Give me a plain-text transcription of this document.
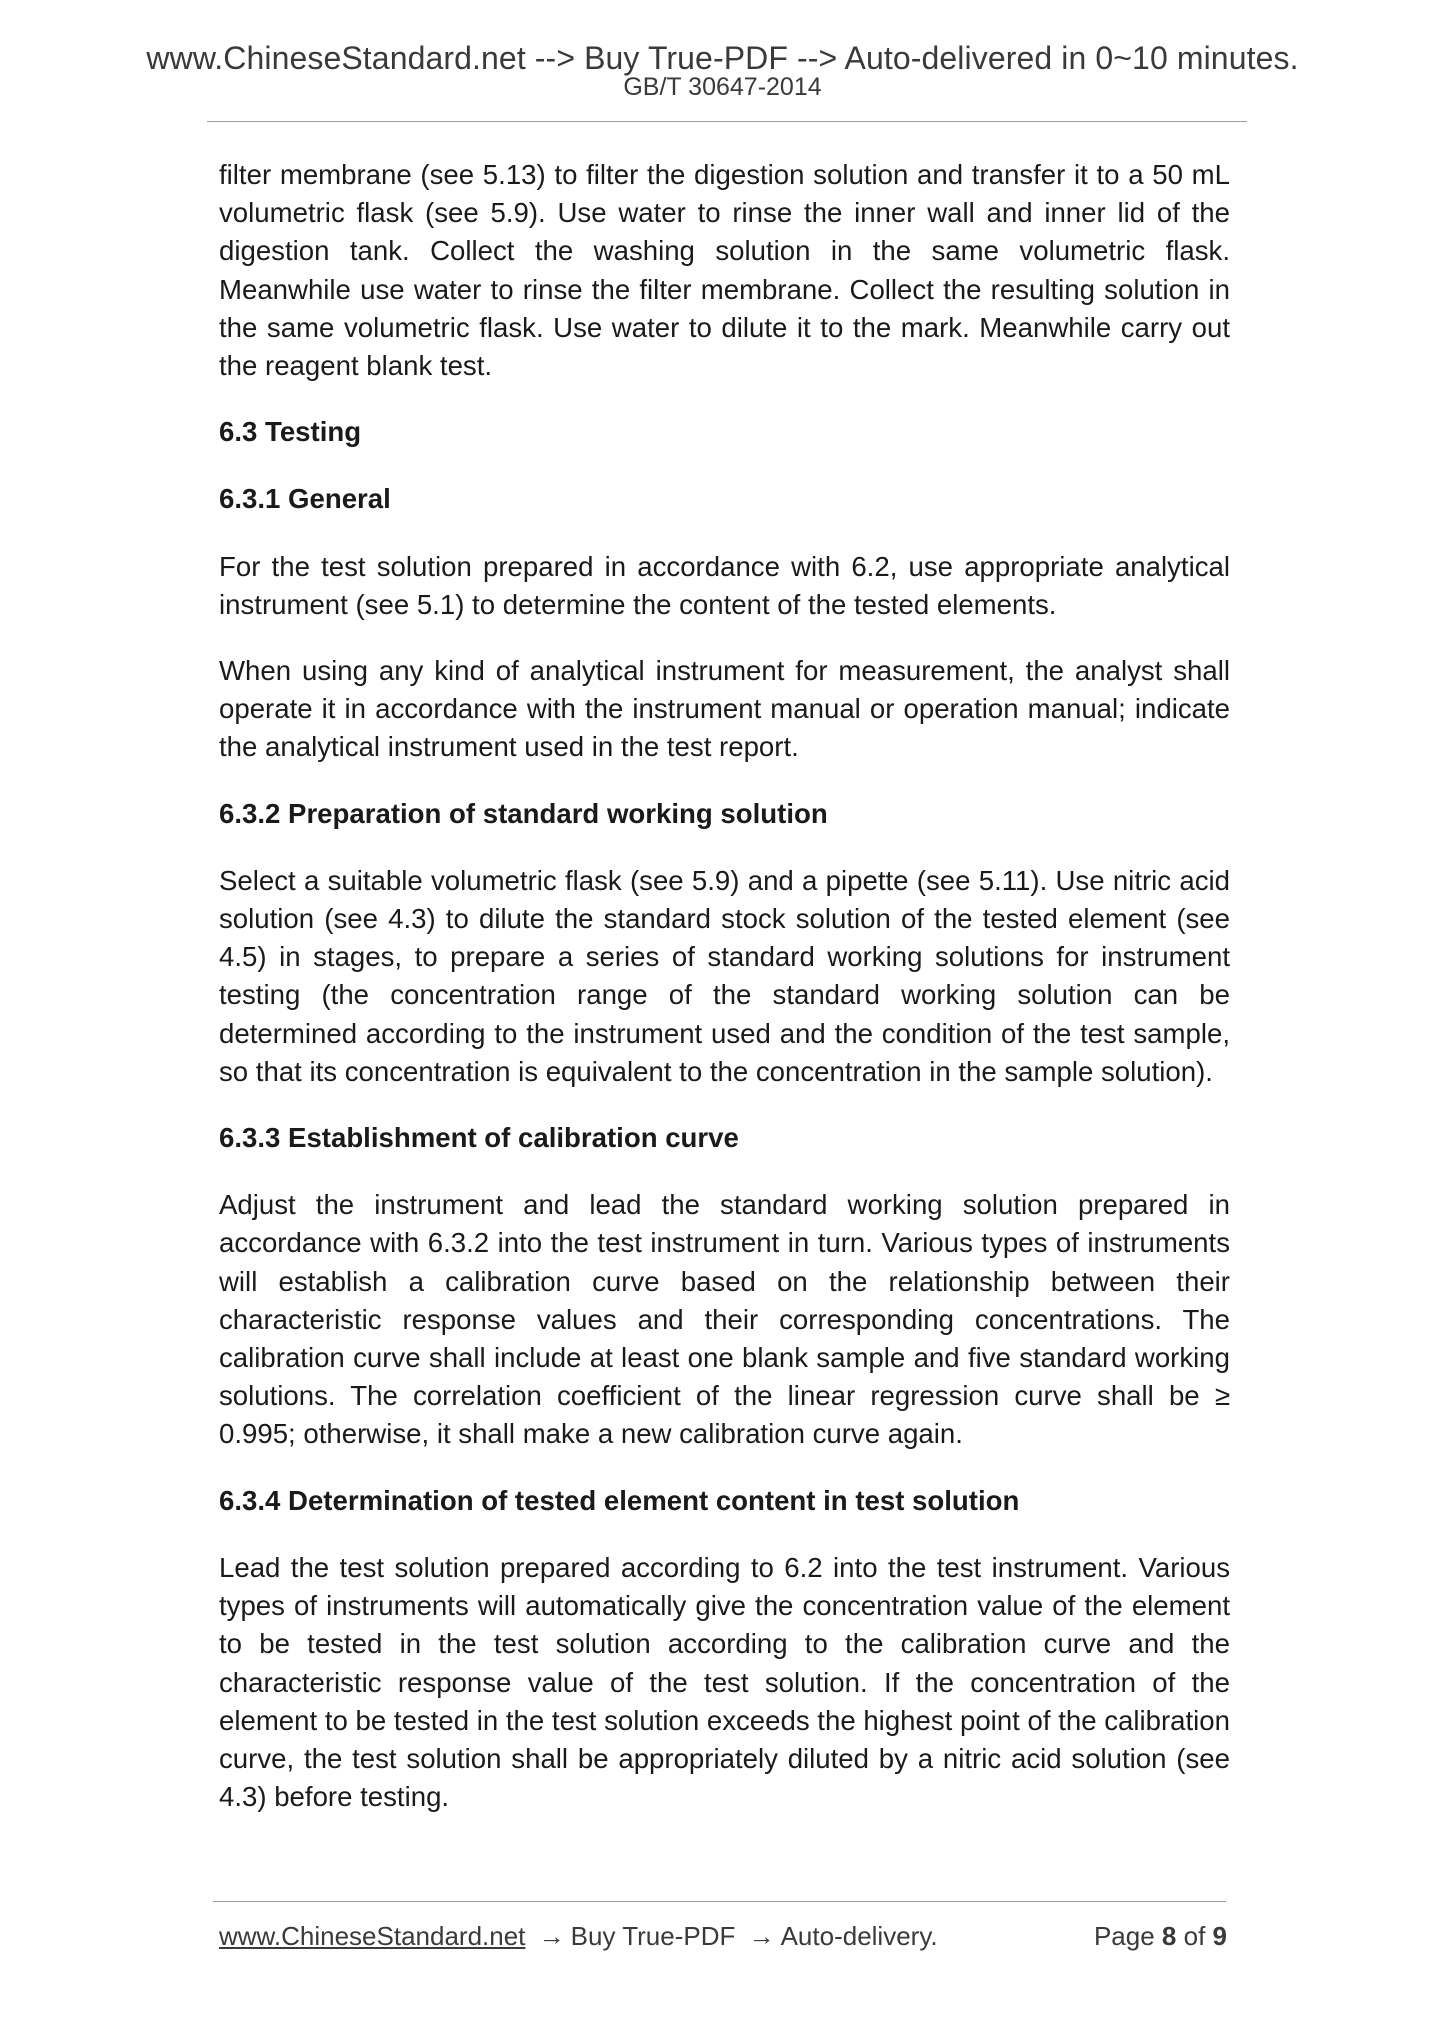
www.ChineseStandard.net --> Buy True-PDF --> Auto-delivered in 0~10 minutes.
GB/T 30647-2014

filter membrane (see 5.13) to filter the digestion solution and transfer it to a 50 mL volumetric flask (see 5.9). Use water to rinse the inner wall and inner lid of the digestion tank. Collect the washing solution in the same volumetric flask. Meanwhile use water to rinse the filter membrane. Collect the resulting solution in the same volumetric flask. Use water to dilute it to the mark. Meanwhile carry out the reagent blank test.

6.3 Testing
6.3.1 General

For the test solution prepared in accordance with 6.2, use appropriate analytical instrument (see 5.1) to determine the content of the tested elements.

When using any kind of analytical instrument for measurement, the analyst shall operate it in accordance with the instrument manual or operation manual; indicate the analytical instrument used in the test report.

6.3.2 Preparation of standard working solution

Select a suitable volumetric flask (see 5.9) and a pipette (see 5.11). Use nitric acid solution (see 4.3) to dilute the standard stock solution of the tested element (see 4.5) in stages, to prepare a series of standard working solutions for instrument testing (the concentration range of the standard working solution can be determined according to the instrument used and the condition of the test sample, so that its concentration is equivalent to the concentration in the sample solution).

6.3.3 Establishment of calibration curve

Adjust the instrument and lead the standard working solution prepared in accordance with 6.3.2 into the test instrument in turn. Various types of instruments will establish a calibration curve based on the relationship between their characteristic response values and their corresponding concentrations. The calibration curve shall include at least one blank sample and five standard working solutions. The correlation coefficient of the linear regression curve shall be ≥ 0.995; otherwise, it shall make a new calibration curve again.

6.3.4 Determination of tested element content in test solution

Lead the test solution prepared according to 6.2 into the test instrument. Various types of instruments will automatically give the concentration value of the element to be tested in the test solution according to the calibration curve and the characteristic response value of the test solution. If the concentration of the element to be tested in the test solution exceeds the highest point of the calibration curve, the test solution shall be appropriately diluted by a nitric acid solution (see 4.3) before testing.

www.ChineseStandard.net → Buy True-PDF → Auto-delivery.	Page 8 of 9
